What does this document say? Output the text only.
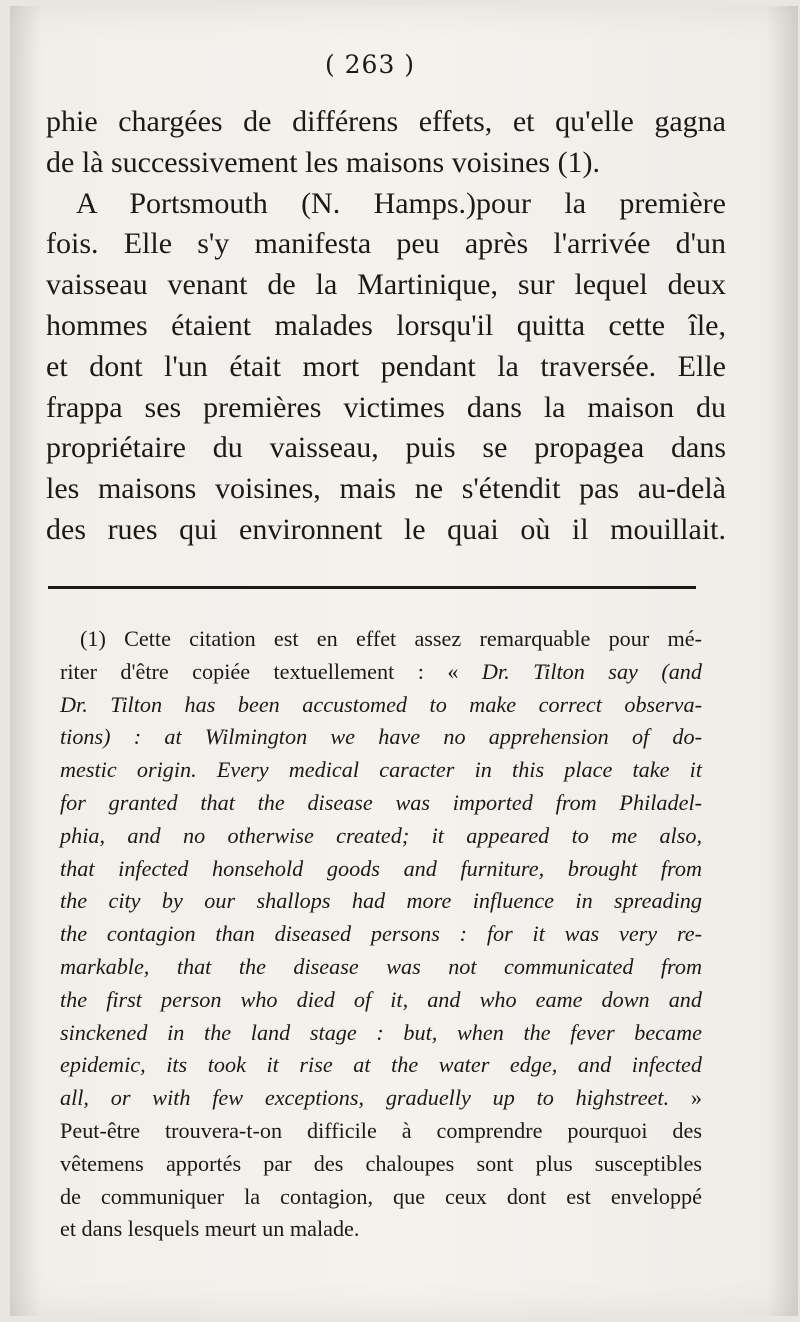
( 263 )
phie chargées de différens effets, et qu'elle gagna
de là successivement les maisons voisines (1).
A Portsmouth (N. Hamps.)pour la première
fois. Elle s'y manifesta peu après l'arrivée d'un
vaisseau venant de la Martinique, sur lequel deux
hommes étaient malades lorsqu'il quitta cette île,
et dont l'un était mort pendant la traversée. Elle
frappa ses premières victimes dans la maison du
propriétaire du vaisseau, puis se propagea dans
les maisons voisines, mais ne s'étendit pas au-delà
des rues qui environnent le quai où il mouillait.
(1) Cette citation est en effet assez remarquable pour mé-
riter d'être copiée textuellement : « Dr. Tilton say (and
Dr. Tilton has been accustomed to make correct observa-
tions) : at Wilmington we have no apprehension of do-
mestic origin. Every medical caracter in this place take it
for granted that the disease was imported from Philadel-
phia, and no otherwise created; it appeared to me also,
that infected honsehold goods and furniture, brought from
the city by our shallops had more influence in spreading
the contagion than diseased persons : for it was very re-
markable, that the disease was not communicated from
the first person who died of it, and who eame down and
sinckened in the land stage : but, when the fever became
epidemic, its took it rise at the water edge, and infected
all, or with few exceptions, graduelly up to highstreet. »
Peut-être trouvera-t-on difficile à comprendre pourquoi des
vêtemens apportés par des chaloupes sont plus susceptibles
de communiquer la contagion, que ceux dont est enveloppé
et dans lesquels meurt un malade.
